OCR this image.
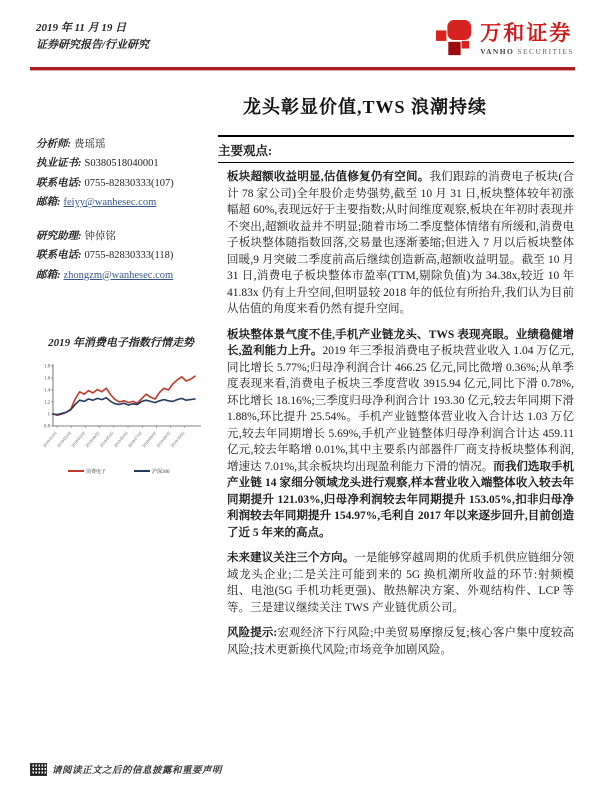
2019 年 11 月 19 日
证券研究报告/行业研究
万和证券
VANHO SECURITIES
龙头彰显价值,TWS 浪潮持续
分析师: 费瑶瑶
执业证书: S0380518040001
联系电话: 0755-82830333(107)
邮箱: feiyy@wanhesec.com
研究助理: 钟倬铭
联系电话: 0755-82830333(118)
邮箱: zhongzm@wanhesec.com
2019 年消费电子指数行情走势
0.8
1
1.2
1.4
1.6
1.8
2019/01/02
2019/02/02
2019/03/02
2019/04/02
2019/05/02
2019/06/02
2019/07/02
2019/08/02
2019/09/02
2019/10/02
消费电子	沪深300
主要观点:

板块超额收益明显,估值修复仍有空间。我们跟踪的消费电子板块(合计 78 家公司)全年股价走势强势,截至 10 月 31 日,板块整体较年初涨幅超 60%,表现远好于主要指数;从时间维度观察,板块在年初时表现并不突出,超额收益并不明显;随着市场二季度整体情绪有所缓和,消费电子板块整体随指数回落,交易量也逐渐萎缩;但进入 7 月以后板块整体回暖,9 月突破二季度前高后继续创造新高,超额收益明显。截至 10 月 31 日,消费电子板块整体市盈率(TTM,剔除负值)为 34.38x,较近 10 年 41.83x 仍有上升空间,但明显较 2018 年的低位有所抬升,我们认为目前从估值的角度来看仍然有提升空间。

板块整体景气度不佳,手机产业链龙头、TWS 表现亮眼。业绩稳健增长,盈利能力上升。2019 年三季报消费电子板块营业收入 1.04 万亿元,同比增长 5.77%;归母净利润合计 466.25 亿元,同比微增 0.36%;从单季度表现来看,消费电子板块三季度营收 3915.94 亿元,同比下滑 0.78%,环比增长 18.16%;三季度归母净利润合计 193.30 亿元,较去年同期下滑 1.88%,环比提升 25.54%。手机产业链整体营业收入合计达 1.03 万亿元,较去年同期增长 5.69%,手机产业链整体归母净利润合计达 459.11 亿元,较去年略增 0.01%,其中主要系内部器件厂商支持板块整体利润,增速达 7.01%,其余板块均出现盈利能力下滑的情况。而我们选取手机产业链 14 家细分领域龙头进行观察,样本营业收入端整体收入较去年同期提升 121.03%,归母净利润较去年同期提升 153.05%,扣非归母净利润较去年同期提升 154.97%,毛利自 2017 年以来逐步回升,目前创造了近 5 年来的高点。

未来建议关注三个方向。一是能够穿越周期的优质手机供应链细分领域龙头企业;二是关注可能到来的 5G 换机潮所收益的环节:射频模组、电池(5G 手机功耗更强)、散热解决方案、外观结构件、LCP 等等。三是建议继续关注 TWS 产业链优质公司。

风险提示:宏观经济下行风险;中美贸易摩擦反复;核心客户集中度较高风险;技术更新换代风险;市场竞争加剧风险。

请阅读正文之后的信息披露和重要声明
